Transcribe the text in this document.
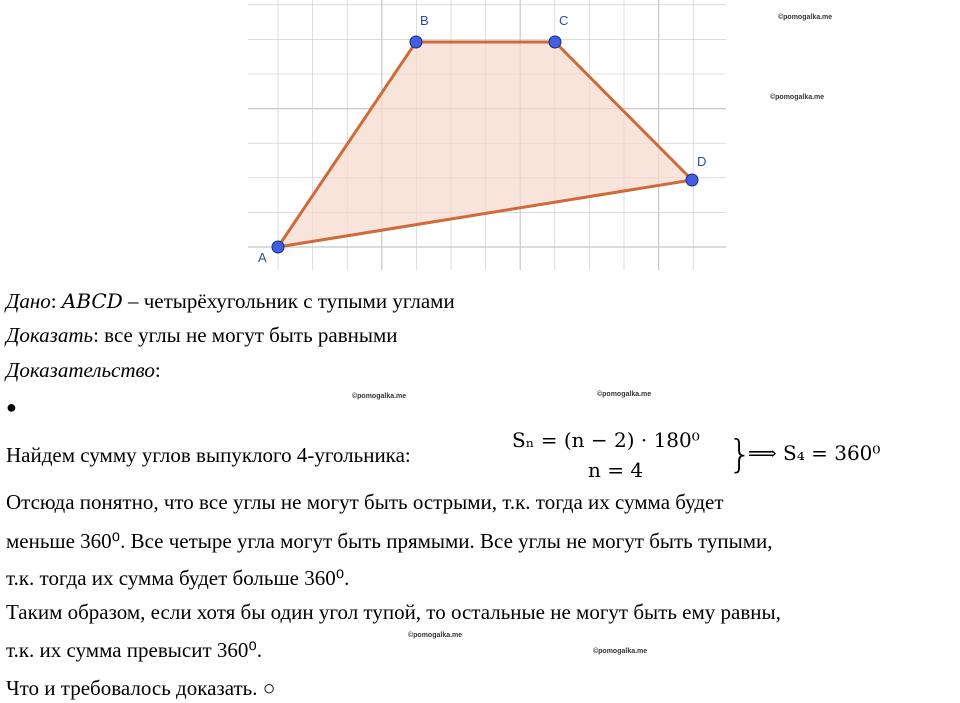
A
B	C
D
©pomogalka.me
©pomogalka.me
©pomogalka.me	©pomogalka.me
©pomogalka.me
©pomogalka.me
Дано: ABCD – четырёхугольник с тупыми углами
Доказать: все углы не могут быть равными
Доказательство:
●
Найдем сумму углов выпуклого 4-угольника:
Sₙ = (n − 2) · 180⁰
n = 4 }
⟹ S₄ = 360⁰
Отсюда понятно, что все углы не могут быть острыми, т.к. тогда их сумма будет
меньше 360⁰. Все четыре угла могут быть прямыми. Все углы не могут быть тупыми,
т.к. тогда их сумма будет больше 360⁰.
Таким образом, если хотя бы один угол тупой, то остальные не могут быть ему равны,
т.к. их сумма превысит 360⁰.
Что и требовалось доказать. ○
